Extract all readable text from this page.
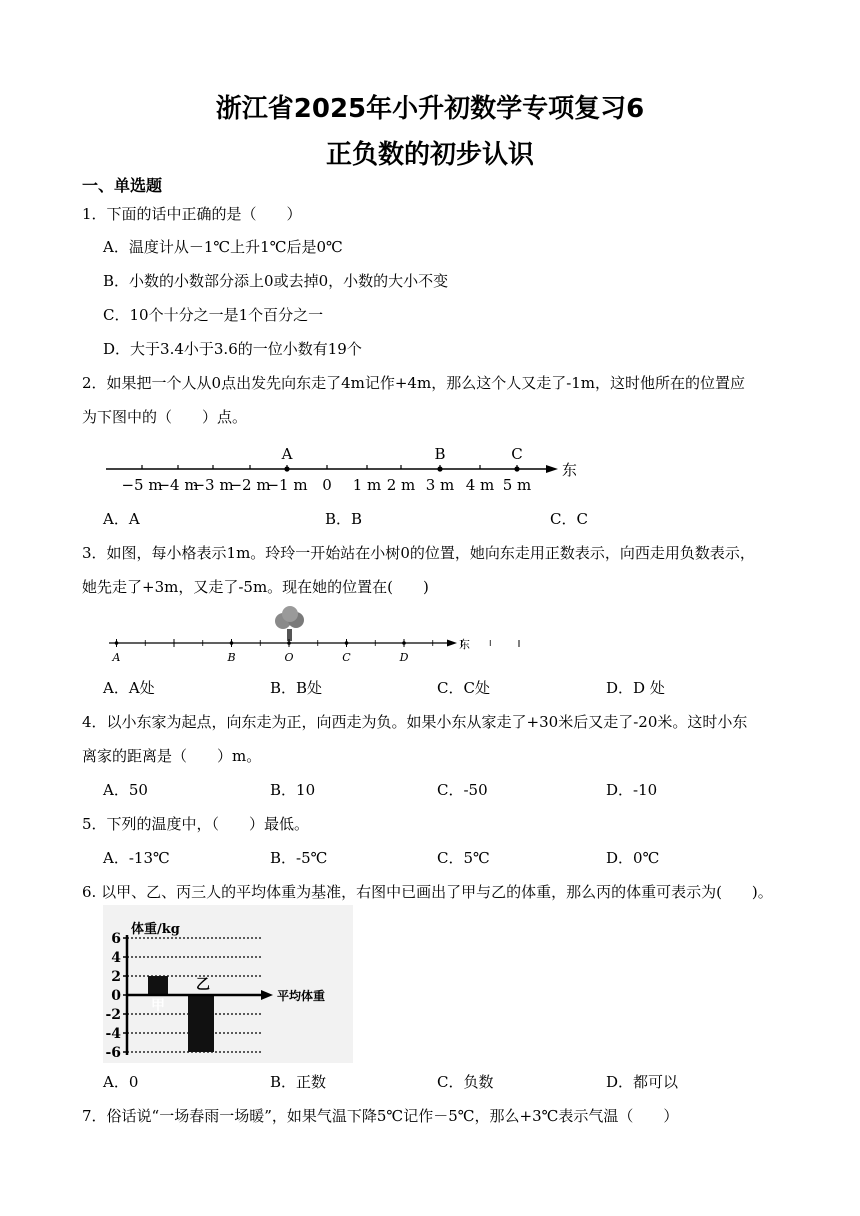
浙江省2025年小升初数学专项复习6
正负数的初步认识
一、单选题
1．下面的话中正确的是（　　）
A．温度计从－1℃上升1℃后是0℃
B．小数的小数部分添上0或去掉0，小数的大小不变
C．10个十分之一是1个百分之一
D．大于3.4小于3.6的一位小数有19个
2．如果把一个人从0点出发先向东走了4m记作+4m，那么这个人又走了-1m，这时他所在的位置应
为下图中的（　　）点。
东
−5 m
−4 m
−3 m
−2 m
−1 m 0 1 m 2 m 3 m 4 m 5 m
A	B	C
A．A	B．B	C．C
3．如图，每小格表示1m。玲玲一开始站在小树0的位置，她向东走用正数表示，向西走用负数表示，
她先走了+3m，又走了-5m。现在她的位置在(　　)
东
A	B	O	C	D
A．A处	B．B处	C．C处	D．D 处
4．以小东家为起点，向东走为正，向西走为负。如果小东从家走了+30米后又走了-20米。这时小东
离家的距离是（　　）m。
A．50	B．10	C．-50	D．-10
5．下列的温度中，（　　）最低。
A．-13℃	B．-5℃	C．5℃	D．0℃
6. 以甲、乙、丙三人的平均体重为基准，右图中已画出了甲与乙的体重，那么丙的体重可表示为(　　)。
体重/kg
6
4
2
0
-2
-4
-6
甲
乙
平均体重
A．0	B．正数	C．负数	D．都可以
7．俗话说“一场春雨一场暖”，如果气温下降5℃记作－5℃，那么+3℃表示气温（　　）
